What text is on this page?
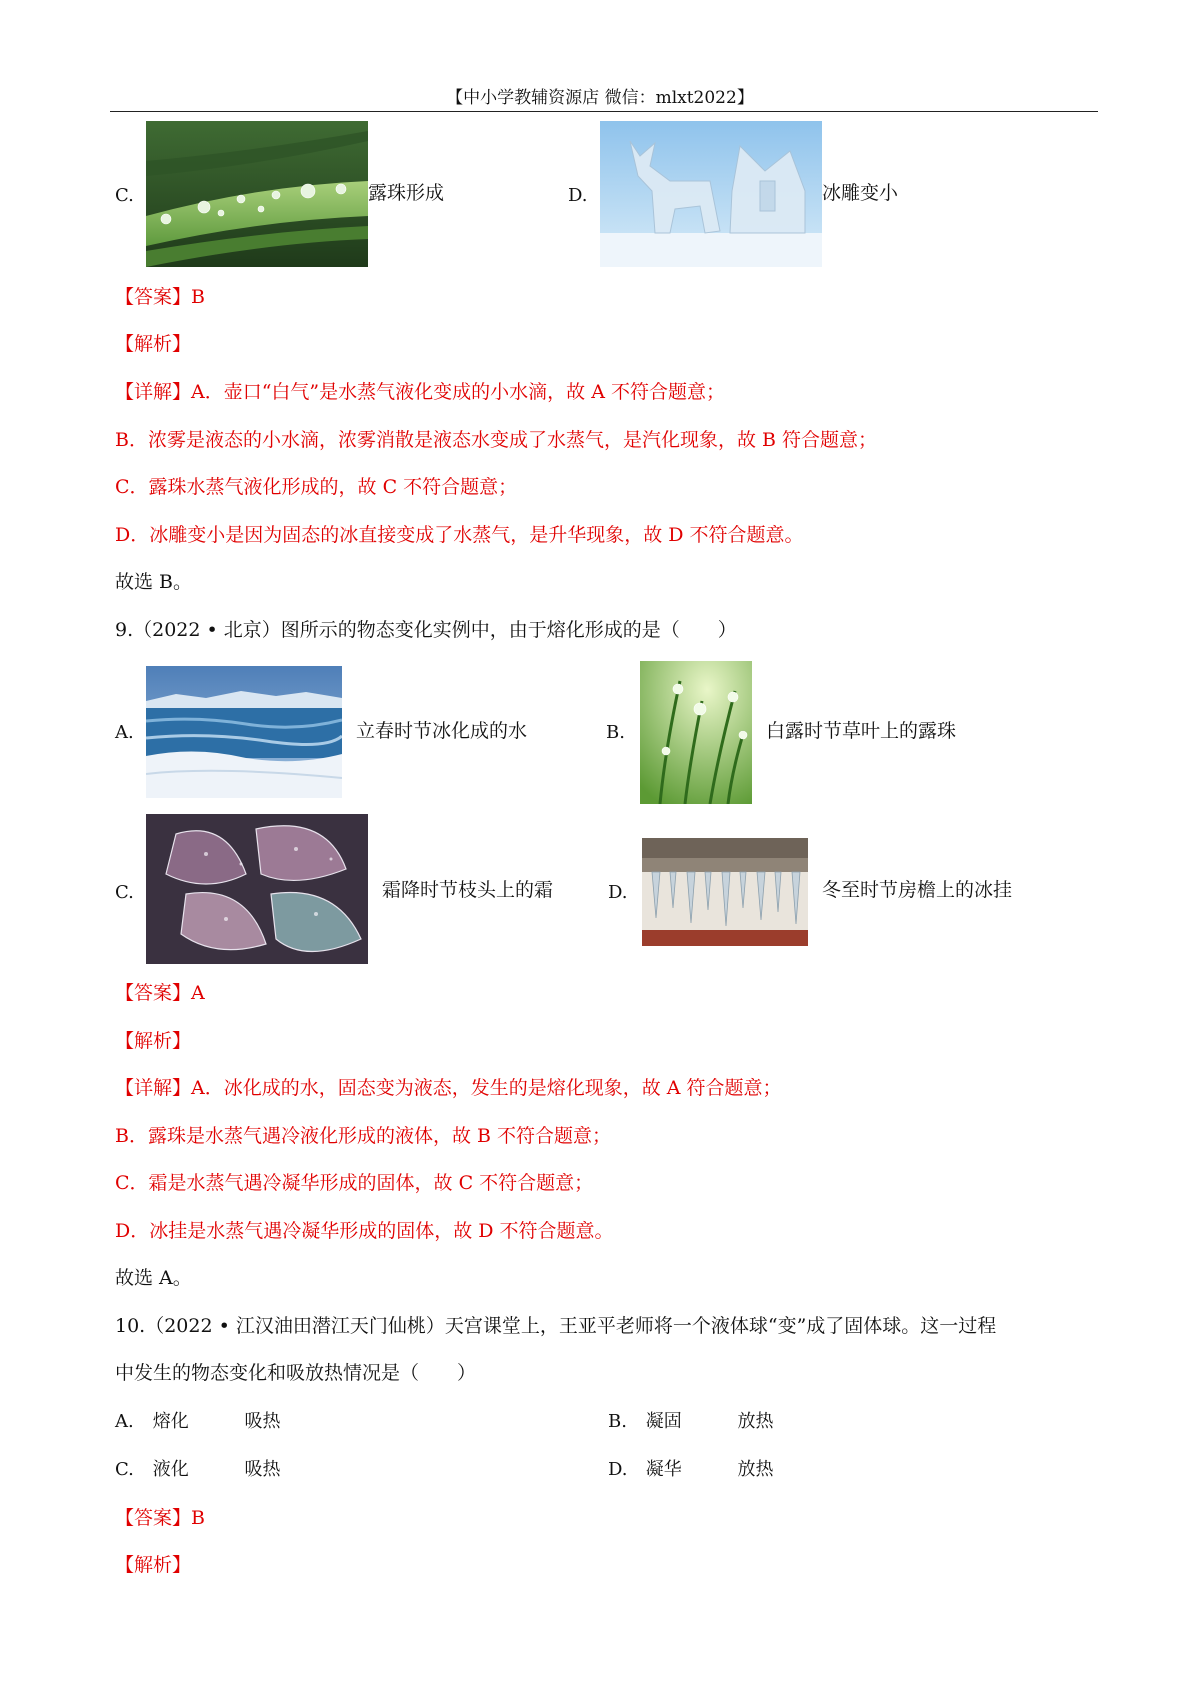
【中小学教辅资源店 微信：mlxt2022】
C.	露珠形成	D.	冰雕变小
【答案】B
【解析】
【详解】A．壶口“白气”是水蒸气液化变成的小水滴，故 A 不符合题意；
B．浓雾是液态的小水滴，浓雾消散是液态水变成了水蒸气，是汽化现象，故 B 符合题意；
C．露珠水蒸气液化形成的，故 C 不符合题意；
D．冰雕变小是因为固态的冰直接变成了水蒸气，是升华现象，故 D 不符合题意。
故选 B。
9.（2022 • 北京）图所示的物态变化实例中，由于熔化形成的是（　　）
A.	立春时节冰化成的水	B.	白露时节草叶上的露珠
C.	霜降时节枝头上的霜	D.	冬至时节房檐上的冰挂
【答案】A
【解析】
【详解】A．冰化成的水，固态变为液态，发生的是熔化现象，故 A 符合题意；
B．露珠是水蒸气遇冷液化形成的液体，故 B 不符合题意；
C．霜是水蒸气遇冷凝华形成的固体，故 C 不符合题意；
D．冰挂是水蒸气遇冷凝华形成的固体，故 D 不符合题意。
故选 A。
10.（2022 • 江汉油田潜江天门仙桃）天宫课堂上，王亚平老师将一个液体球“变”成了固体球。这一过程
中发生的物态变化和吸放热情况是（　　）
A. 熔化	吸热	B. 凝固	放热
C. 液化	吸热	D. 凝华	放热
【答案】B
【解析】
